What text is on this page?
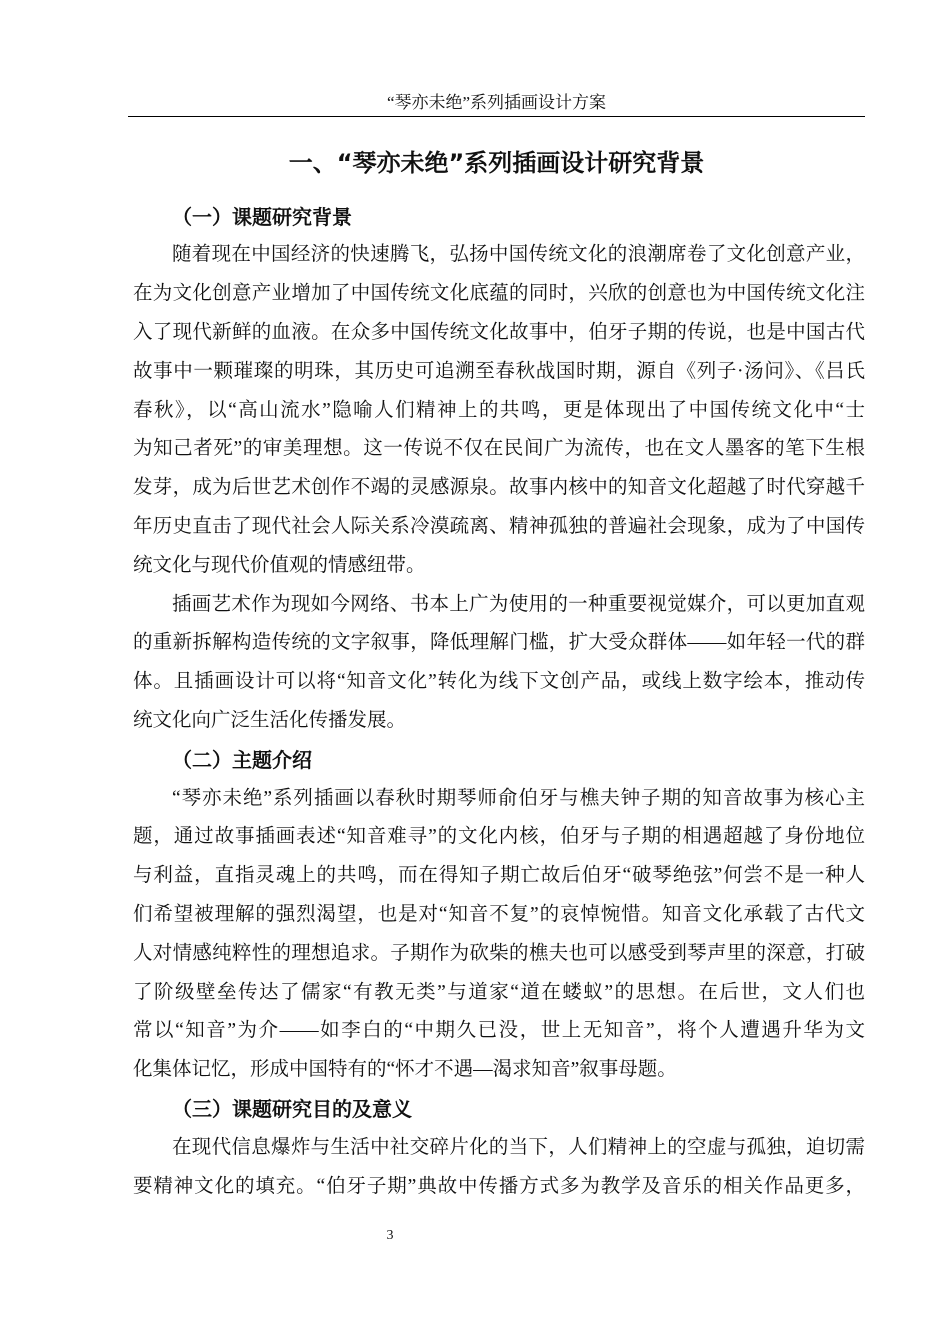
“琴亦未绝”系列插画设计方案
一、“琴亦未绝”系列插画设计研究背景
（一）课题研究背景
随着现在中国经济的快速腾飞，弘扬中国传统文化的浪潮席卷了文化创意产业，
在为文化创意产业增加了中国传统文化底蕴的同时，兴欣的创意也为中国传统文化注
入了现代新鲜的血液。在众多中国传统文化故事中，伯牙子期的传说，也是中国古代
故事中一颗璀璨的明珠，其历史可追溯至春秋战国时期，源自《列子·汤问》、《吕氏
春秋》，以“高山流水”隐喻人们精神上的共鸣，更是体现出了中国传统文化中“士
为知己者死”的审美理想。这一传说不仅在民间广为流传，也在文人墨客的笔下生根
发芽，成为后世艺术创作不竭的灵感源泉。故事内核中的知音文化超越了时代穿越千
年历史直击了现代社会人际关系冷漠疏离、精神孤独的普遍社会现象，成为了中国传
统文化与现代价值观的情感纽带。
插画艺术作为现如今网络、书本上广为使用的一种重要视觉媒介，可以更加直观
的重新拆解构造传统的文字叙事，降低理解门槛，扩大受众群体——如年轻一代的群
体。且插画设计可以将“知音文化”转化为线下文创产品，或线上数字绘本，推动传
统文化向广泛生活化传播发展。
（二）主题介绍
“琴亦未绝”系列插画以春秋时期琴师俞伯牙与樵夫钟子期的知音故事为核心主
题，通过故事插画表述“知音难寻”的文化内核，伯牙与子期的相遇超越了身份地位
与利益，直指灵魂上的共鸣，而在得知子期亡故后伯牙“破琴绝弦”何尝不是一种人
们希望被理解的强烈渴望，也是对“知音不复”的哀悼惋惜。知音文化承载了古代文
人对情感纯粹性的理想追求。子期作为砍柴的樵夫也可以感受到琴声里的深意，打破
了阶级壁垒传达了儒家“有教无类”与道家“道在蝼蚁”的思想。在后世，文人们也
常以“知音”为介——如李白的“中期久已没，世上无知音”，将个人遭遇升华为文
化集体记忆，形成中国特有的“怀才不遇—渴求知音”叙事母题。
（三）课题研究目的及意义
在现代信息爆炸与生活中社交碎片化的当下，人们精神上的空虚与孤独，迫切需
要精神文化的填充。“伯牙子期”典故中传播方式多为教学及音乐的相关作品更多，
3
